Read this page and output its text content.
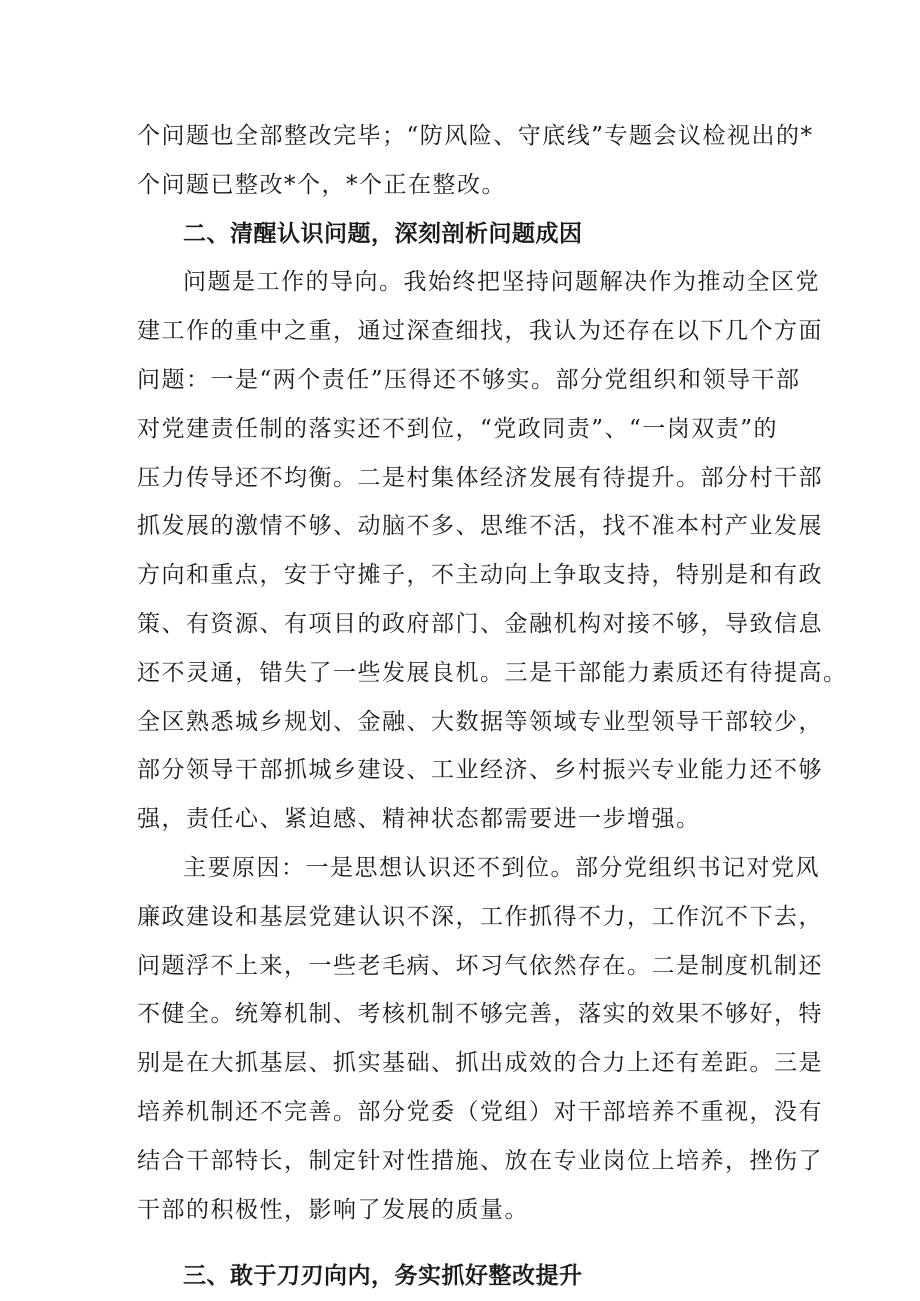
个问题也全部整改完毕；“防风险、守底线”专题会议检视出的*
个问题已整改*个，*个正在整改。
二、清醒认识问题，深刻剖析问题成因
问题是工作的导向。我始终把坚持问题解决作为推动全区党
建工作的重中之重，通过深查细找，我认为还存在以下几个方面
问题：一是“两个责任”压得还不够实。部分党组织和领导干部
对党建责任制的落实还不到位，“党政同责”、“一岗双责”的
压力传导还不均衡。二是村集体经济发展有待提升。部分村干部
抓发展的激情不够、动脑不多、思维不活，找不准本村产业发展
方向和重点，安于守摊子，不主动向上争取支持，特别是和有政
策、有资源、有项目的政府部门、金融机构对接不够，导致信息
还不灵通，错失了一些发展良机。三是干部能力素质还有待提高。
全区熟悉城乡规划、金融、大数据等领域专业型领导干部较少，
部分领导干部抓城乡建设、工业经济、乡村振兴专业能力还不够
强，责任心、紧迫感、精神状态都需要进一步增强。
主要原因：一是思想认识还不到位。部分党组织书记对党风
廉政建设和基层党建认识不深，工作抓得不力，工作沉不下去，
问题浮不上来，一些老毛病、坏习气依然存在。二是制度机制还
不健全。统筹机制、考核机制不够完善，落实的效果不够好，特
别是在大抓基层、抓实基础、抓出成效的合力上还有差距。三是
培养机制还不完善。部分党委（党组）对干部培养不重视，没有
结合干部特长，制定针对性措施、放在专业岗位上培养，挫伤了
干部的积极性，影响了发展的质量。
三、敢于刀刃向内，务实抓好整改提升
